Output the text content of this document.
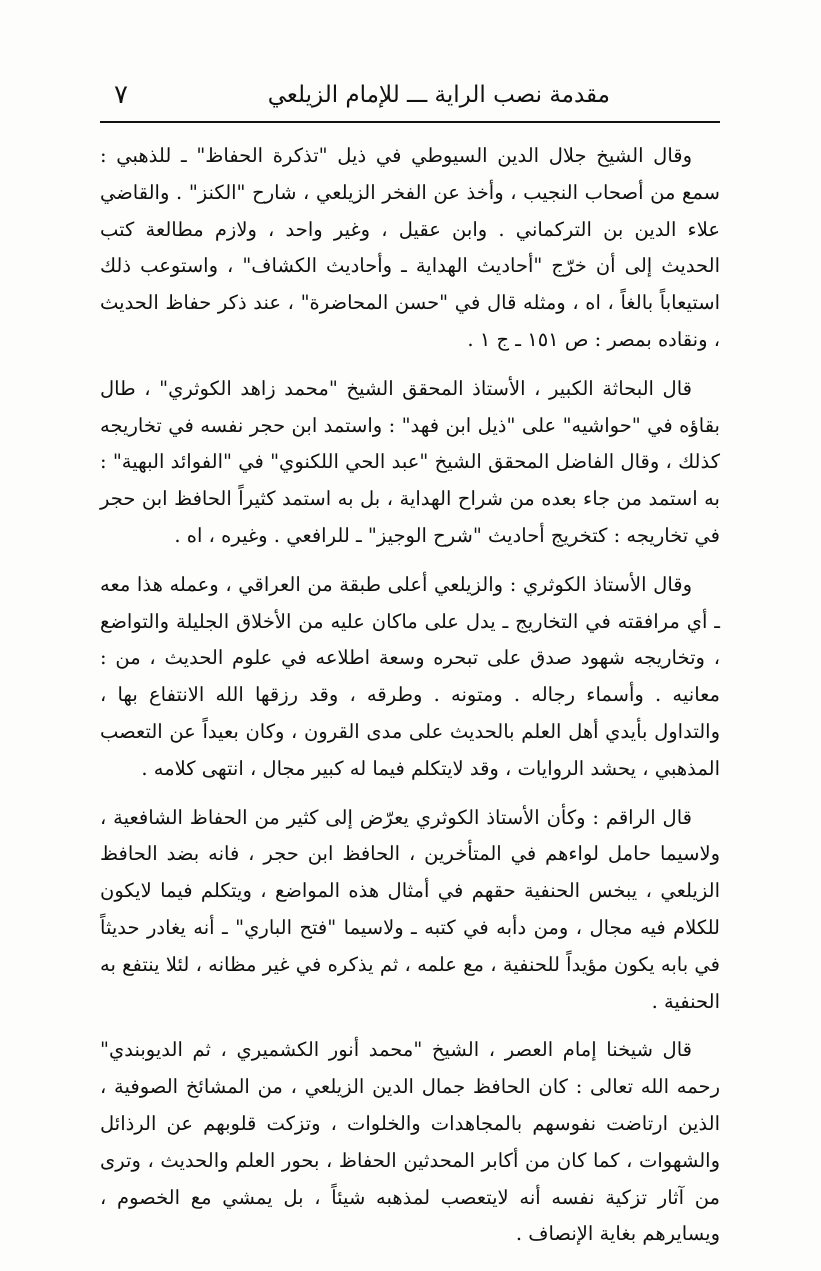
مقدمة نصب الراية ـــ للإمام الزيلعي
٧

وقال الشيخ جلال الدين السيوطي في ذيل "تذكرة الحفاظ" ـ للذهبي : سمع من أصحاب النجيب ، وأخذ عن الفخر الزيلعي ، شارح "الكنز" . والقاضي علاء الدين بن التركماني . وابن عقيل ، وغير واحد ، ولازم مطالعة كتب الحديث إلى أن خرّج "أحاديث الهداية ـ وأحاديث الكشاف" ، واستوعب ذلك استيعاباً بالغاً ، اه ، ومثله قال في "حسن المحاضرة" ، عند ذكر حفاظ الحديث ، ونقاده بمصر : ص ١٥١ ـ ج ١ .

قال البحاثة الكبير ، الأستاذ المحقق الشيخ "محمد زاهد الكوثري" ، طال بقاؤه في "حواشيه" على "ذيل ابن فهد" : واستمد ابن حجر نفسه في تخاريجه كذلك ، وقال الفاضل المحقق الشيخ "عبد الحي اللكنوي" في "الفوائد البهية" : به استمد من جاء بعده من شراح الهداية ، بل به استمد كثيراً الحافظ ابن حجر في تخاريجه : كتخريج أحاديث "شرح الوجيز" ـ للرافعي . وغيره ، اه .

وقال الأستاذ الكوثري : والزيلعي أعلى طبقة من العراقي ، وعمله هذا معه ـ أي مرافقته في التخاريج ـ يدل على ماكان عليه من الأخلاق الجليلة والتواضع ، وتخاريجه شهود صدق على تبحره وسعة اطلاعه في علوم الحديث ، من : معانيه . وأسماء رجاله . ومتونه . وطرقه ، وقد رزقها الله الانتفاع بها ، والتداول بأيدي أهل العلم بالحديث على مدى القرون ، وكان بعيداً عن التعصب المذهبي ، يحشد الروايات ، وقد لايتكلم فيما له كبير مجال ، انتهى كلامه .

قال الراقم : وكأن الأستاذ الكوثري يعرّض إلى كثير من الحفاظ الشافعية ، ولاسيما حامل لواءهم في المتأخرين ، الحافظ ابن حجر ، فانه بضد الحافظ الزيلعي ، يبخس الحنفية حقهم في أمثال هذه المواضع ، ويتكلم فيما لايكون للكلام فيه مجال ، ومن دأبه في كتبه ـ ولاسيما "فتح الباري" ـ أنه يغادر حديثاً في بابه يكون مؤيداً للحنفية ، مع علمه ، ثم يذكره في غير مظانه ، لئلا ينتفع به الحنفية .

قال شيخنا إمام العصر ، الشيخ "محمد أنور الكشميري ، ثم الديوبندي" رحمه الله تعالى : كان الحافظ جمال الدين الزيلعي ، من المشائخ الصوفية ، الذين ارتاضت نفوسهم بالمجاهدات والخلوات ، وتزكت قلوبهم عن الرذائل والشهوات ، كما كان من أكابر المحدثين الحفاظ ، بحور العلم والحديث ، وترى من آثار تزكية نفسه أنه لايتعصب لمذهبه شيئاً ، بل يمشي مع الخصوم ، ويسايرهم بغاية الإنصاف .
